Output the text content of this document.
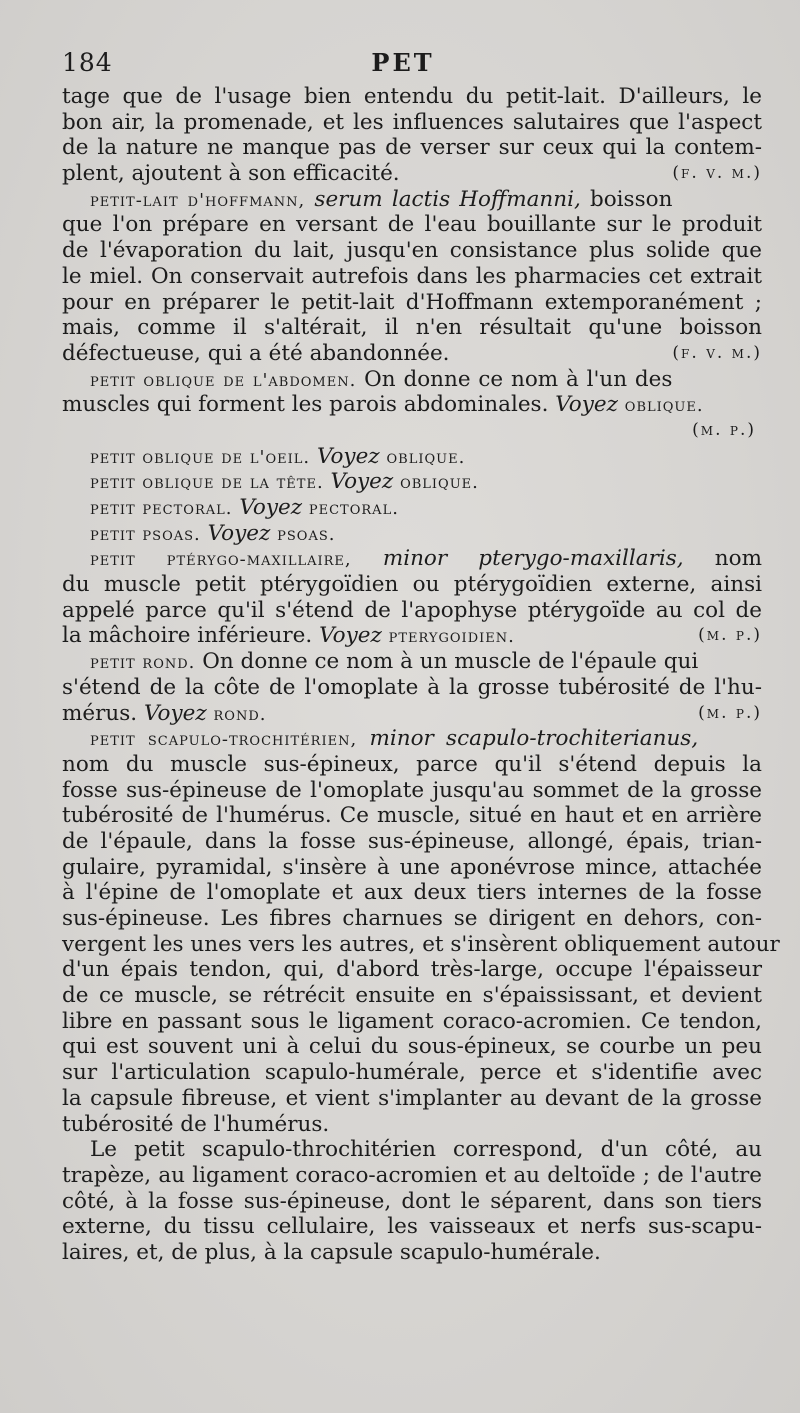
184	PET
tage que de l'usage bien entendu du petit-lait. D'ailleurs, le
bon air, la promenade, et les influences salutaires que l'aspect
de la nature ne manque pas de verser sur ceux qui la contem-
plent, ajoutent à son efficacité.	(f. v. m.)
petit-lait d'hoffmann, serum lactis Hoffmanni, boisson
que l'on prépare en versant de l'eau bouillante sur le produit
de l'évaporation du lait, jusqu'en consistance plus solide que
le miel. On conservait autrefois dans les pharmacies cet extrait
pour en préparer le petit-lait d'Hoffmann extemporanément ;
mais, comme il s'altérait, il n'en résultait qu'une boisson
défectueuse, qui a été abandonnée.	(f. v. m.)
petit oblique de l'abdomen. On donne ce nom à l'un des
muscles qui forment les parois abdominales. Voyez oblique.
(m. p.)
petit oblique de l'oeil. Voyez oblique.
petit oblique de la tête. Voyez oblique.
petit pectoral. Voyez pectoral.
petit psoas. Voyez psoas.
petit ptérygo-maxillaire, minor pterygo-maxillaris, nom
du muscle petit ptérygoïdien ou ptérygoïdien externe, ainsi
appelé parce qu'il s'étend de l'apophyse ptérygoïde au col de
la mâchoire inférieure. Voyez pterygoidien.	(m. p.)
petit rond. On donne ce nom à un muscle de l'épaule qui
s'étend de la côte de l'omoplate à la grosse tubérosité de l'hu-
mérus. Voyez rond.	(m. p.)
petit scapulo-trochitérien, minor scapulo-trochiterianus,
nom du muscle sus-épineux, parce qu'il s'étend depuis la
fosse sus-épineuse de l'omoplate jusqu'au sommet de la grosse
tubérosité de l'humérus. Ce muscle, situé en haut et en arrière
de l'épaule, dans la fosse sus-épineuse, allongé, épais, trian-
gulaire, pyramidal, s'insère à une aponévrose mince, attachée
à l'épine de l'omoplate et aux deux tiers internes de la fosse
sus-épineuse. Les fibres charnues se dirigent en dehors, con-
vergent les unes vers les autres, et s'insèrent obliquement autour
d'un épais tendon, qui, d'abord très-large, occupe l'épaisseur
de ce muscle, se rétrécit ensuite en s'épaississant, et devient
libre en passant sous le ligament coraco-acromien. Ce tendon,
qui est souvent uni à celui du sous-épineux, se courbe un peu
sur l'articulation scapulo-humérale, perce et s'identifie avec
la capsule fibreuse, et vient s'implanter au devant de la grosse
tubérosité de l'humérus.
Le petit scapulo-throchitérien correspond, d'un côté, au
trapèze, au ligament coraco-acromien et au deltoïde ; de l'autre
côté, à la fosse sus-épineuse, dont le séparent, dans son tiers
externe, du tissu cellulaire, les vaisseaux et nerfs sus-scapu-
laires, et, de plus, à la capsule scapulo-humérale.
